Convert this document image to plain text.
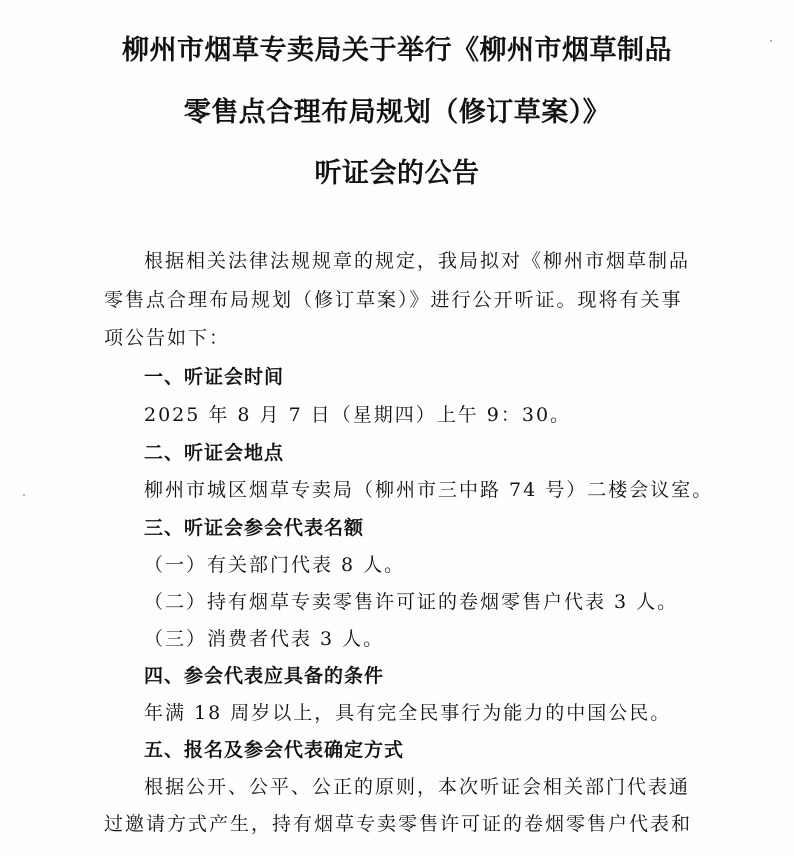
柳州市烟草专卖局关于举行《柳州市烟草制品
零售点合理布局规划（修订草案）》
听证会的公告
根据相关法律法规规章的规定，我局拟对《柳州市烟草制品
零售点合理布局规划（修订草案）》进行公开听证。现将有关事
项公告如下：
一、听证会时间
2025 年 8 月 7 日（星期四）上午 9：30。
二、听证会地点
柳州市城区烟草专卖局（柳州市三中路 74 号）二楼会议室。
三、听证会参会代表名额
（一）有关部门代表 8 人。
（二）持有烟草专卖零售许可证的卷烟零售户代表 3 人。
（三）消费者代表 3 人。
四、参会代表应具备的条件
年满 18 周岁以上，具有完全民事行为能力的中国公民。
五、报名及参会代表确定方式
根据公开、公平、公正的原则，本次听证会相关部门代表通
过邀请方式产生，持有烟草专卖零售许可证的卷烟零售户代表和
